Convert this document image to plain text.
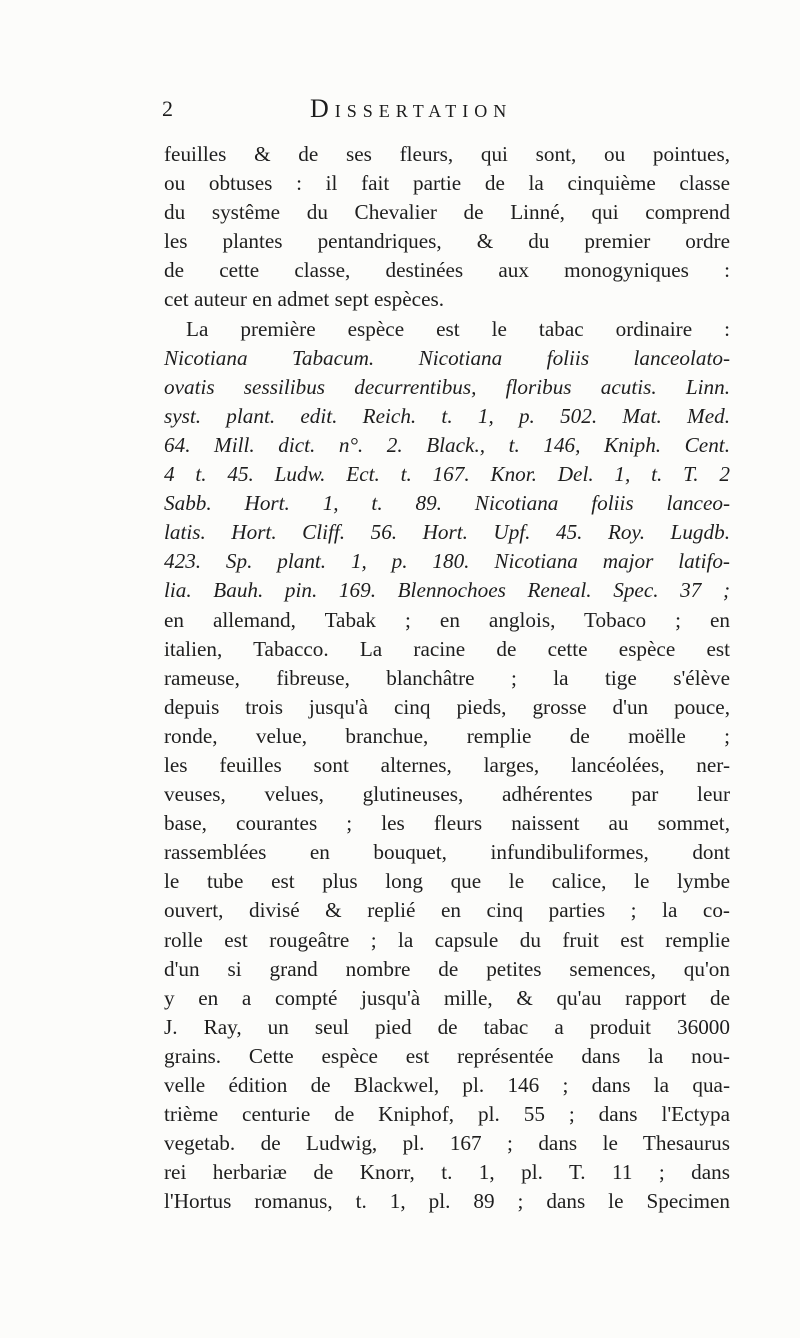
2	Dissertation
feuilles & de ses fleurs, qui sont, ou pointues,
ou obtuses : il fait partie de la cinquième classe
du systême du Chevalier de Linné, qui comprend
les plantes pentandriques, & du premier ordre
de cette classe, destinées aux monogyniques :
cet auteur en admet sept espèces.
La première espèce est le tabac ordinaire :
Nicotiana Tabacum. Nicotiana foliis lanceolato-
ovatis sessilibus decurrentibus, floribus acutis. Linn.
syst. plant. edit. Reich. t. 1, p. 502. Mat. Med.
64. Mill. dict. n°. 2. Black., t. 146, Kniph. Cent.
4 t. 45. Ludw. Ect. t. 167. Knor. Del. 1, t. T. 2
Sabb. Hort. 1, t. 89. Nicotiana foliis lanceo-
latis. Hort. Cliff. 56. Hort. Upf. 45. Roy. Lugdb.
423. Sp. plant. 1, p. 180. Nicotiana major latifo-
lia. Bauh. pin. 169. Blennochoes Reneal. Spec. 37 ;
en allemand, Tabak ; en anglois, Tobaco ; en
italien, Tabacco. La racine de cette espèce est
rameuse, fibreuse, blanchâtre ; la tige s'élève
depuis trois jusqu'à cinq pieds, grosse d'un pouce,
ronde, velue, branchue, remplie de moëlle ;
les feuilles sont alternes, larges, lancéolées, ner-
veuses, velues, glutineuses, adhérentes par leur
base, courantes ; les fleurs naissent au sommet,
rassemblées en bouquet, infundibuliformes, dont
le tube est plus long que le calice, le lymbe
ouvert, divisé & replié en cinq parties ; la co-
rolle est rougeâtre ; la capsule du fruit est remplie
d'un si grand nombre de petites semences, qu'on
y en a compté jusqu'à mille, & qu'au rapport de
J. Ray, un seul pied de tabac a produit 36000
grains. Cette espèce est représentée dans la nou-
velle édition de Blackwel, pl. 146 ; dans la qua-
trième centurie de Kniphof, pl. 55 ; dans l'Ectypa
vegetab. de Ludwig, pl. 167 ; dans le Thesaurus
rei herbariæ de Knorr, t. 1, pl. T. 11 ; dans
l'Hortus romanus, t. 1, pl. 89 ; dans le Specimen
